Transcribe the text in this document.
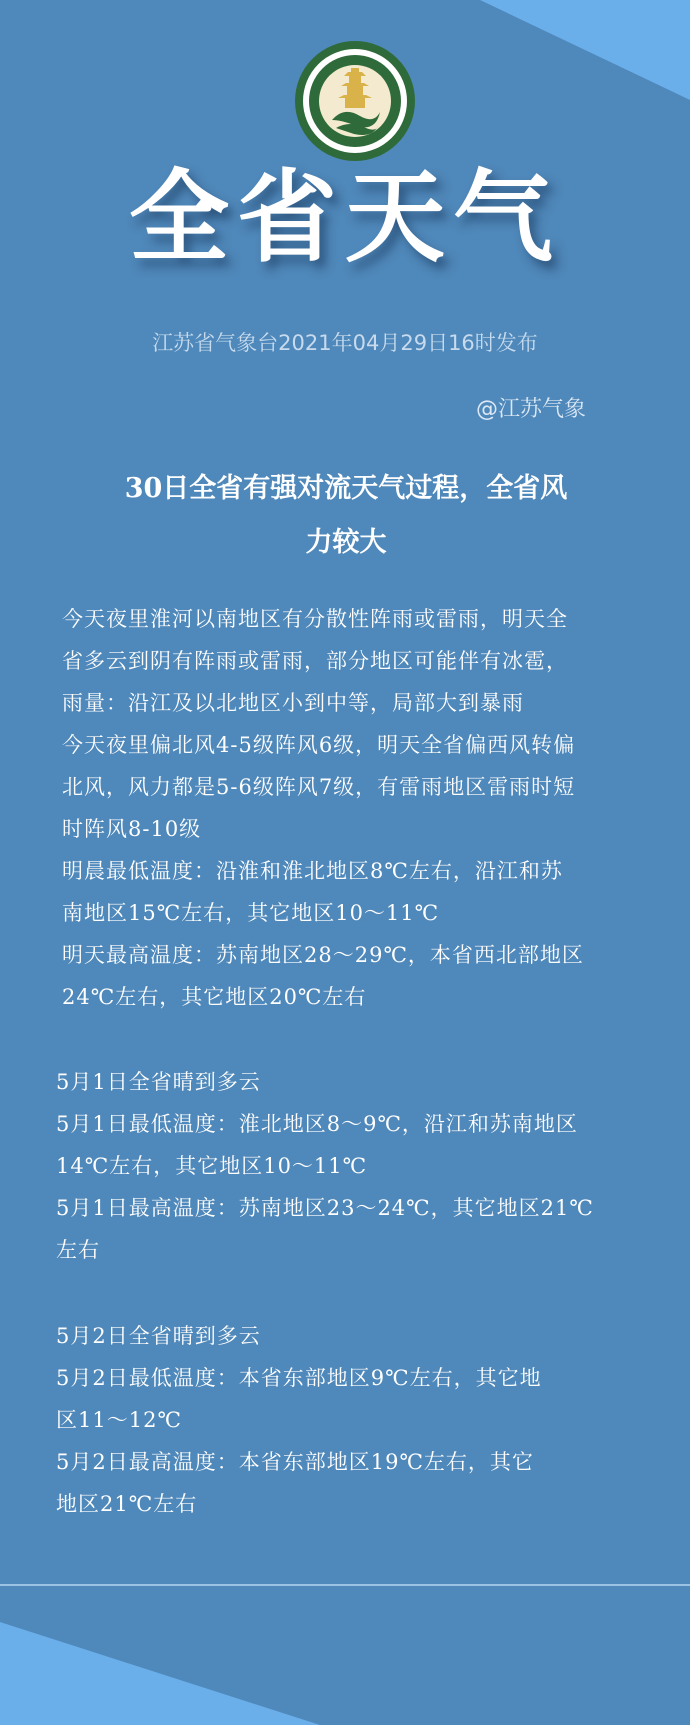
全省天气
江苏省气象台2021年04月29日16时发布
@江苏气象
30日全省有强对流天气过程，全省风
力较大
今天夜里淮河以南地区有分散性阵雨或雷雨，明天全
省多云到阴有阵雨或雷雨，部分地区可能伴有冰雹，
雨量：沿江及以北地区小到中等，局部大到暴雨
今天夜里偏北风4-5级阵风6级，明天全省偏西风转偏
北风，风力都是5-6级阵风7级，有雷雨地区雷雨时短
时阵风8-10级
明晨最低温度：沿淮和淮北地区8℃左右，沿江和苏
南地区15℃左右，其它地区10～11℃
明天最高温度：苏南地区28～29℃，本省西北部地区
24℃左右，其它地区20℃左右
5月1日全省晴到多云
5月1日最低温度：淮北地区8～9℃，沿江和苏南地区
14℃左右，其它地区10～11℃
5月1日最高温度：苏南地区23～24℃，其它地区21℃
左右
5月2日全省晴到多云
5月2日最低温度：本省东部地区9℃左右，其它地
区11～12℃
5月2日最高温度：本省东部地区19℃左右，其它
地区21℃左右
